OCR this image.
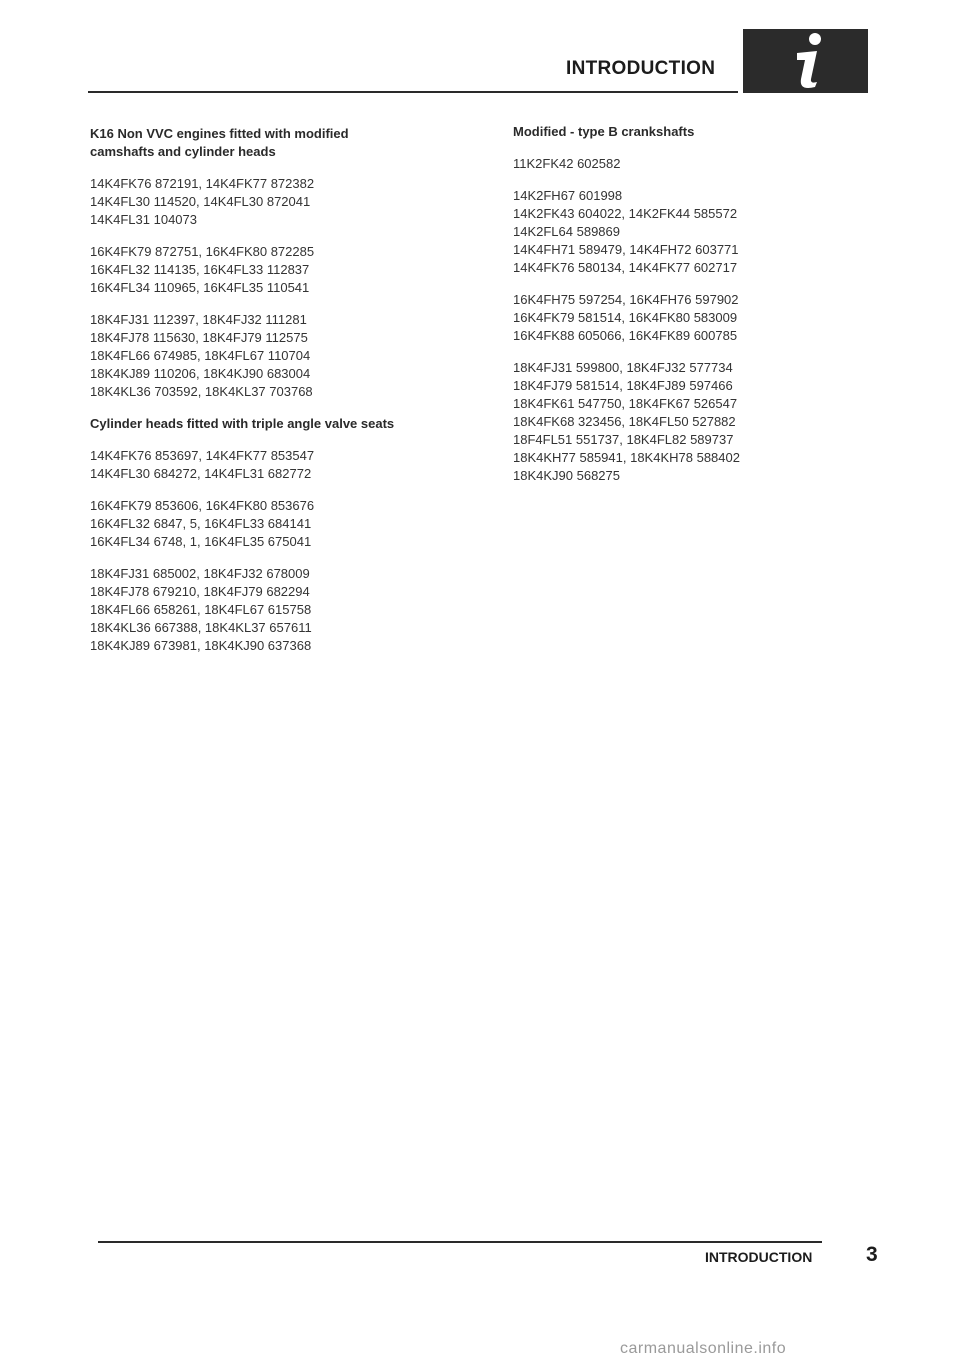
INTRODUCTION
K16 Non VVC engines fitted with modified
camshafts and cylinder heads
14K4FK76 872191, 14K4FK77 872382
14K4FL30 114520, 14K4FL30 872041
14K4FL31 104073
16K4FK79 872751, 16K4FK80 872285
16K4FL32 114135, 16K4FL33 112837
16K4FL34 110965, 16K4FL35 110541
18K4FJ31 112397, 18K4FJ32 111281
18K4FJ78 115630, 18K4FJ79 112575
18K4FL66 674985, 18K4FL67 110704
18K4KJ89 110206, 18K4KJ90 683004
18K4KL36 703592, 18K4KL37 703768
Cylinder heads fitted with triple angle valve seats
14K4FK76 853697, 14K4FK77 853547
14K4FL30 684272, 14K4FL31 682772
16K4FK79 853606, 16K4FK80 853676
16K4FL32 6847, 5, 16K4FL33 684141
16K4FL34 6748, 1, 16K4FL35 675041
18K4FJ31 685002, 18K4FJ32 678009
18K4FJ78 679210, 18K4FJ79 682294
18K4FL66 658261, 18K4FL67 615758
18K4KL36 667388, 18K4KL37 657611
18K4KJ89 673981, 18K4KJ90 637368
Modified - type B crankshafts
11K2FK42 602582
14K2FH67 601998
14K2FK43 604022, 14K2FK44 585572
14K2FL64 589869
14K4FH71 589479, 14K4FH72 603771
14K4FK76 580134, 14K4FK77 602717
16K4FH75 597254, 16K4FH76 597902
16K4FK79 581514, 16K4FK80 583009
16K4FK88 605066, 16K4FK89 600785
18K4FJ31 599800, 18K4FJ32 577734
18K4FJ79 581514, 18K4FJ89 597466
18K4FK61 547750, 18K4FK67 526547
18K4FK68 323456, 18K4FL50 527882
18F4FL51 551737, 18K4FL82 589737
18K4KH77 585941, 18K4KH78 588402
18K4KJ90 568275
INTRODUCTION	3
carmanualsonline.info
